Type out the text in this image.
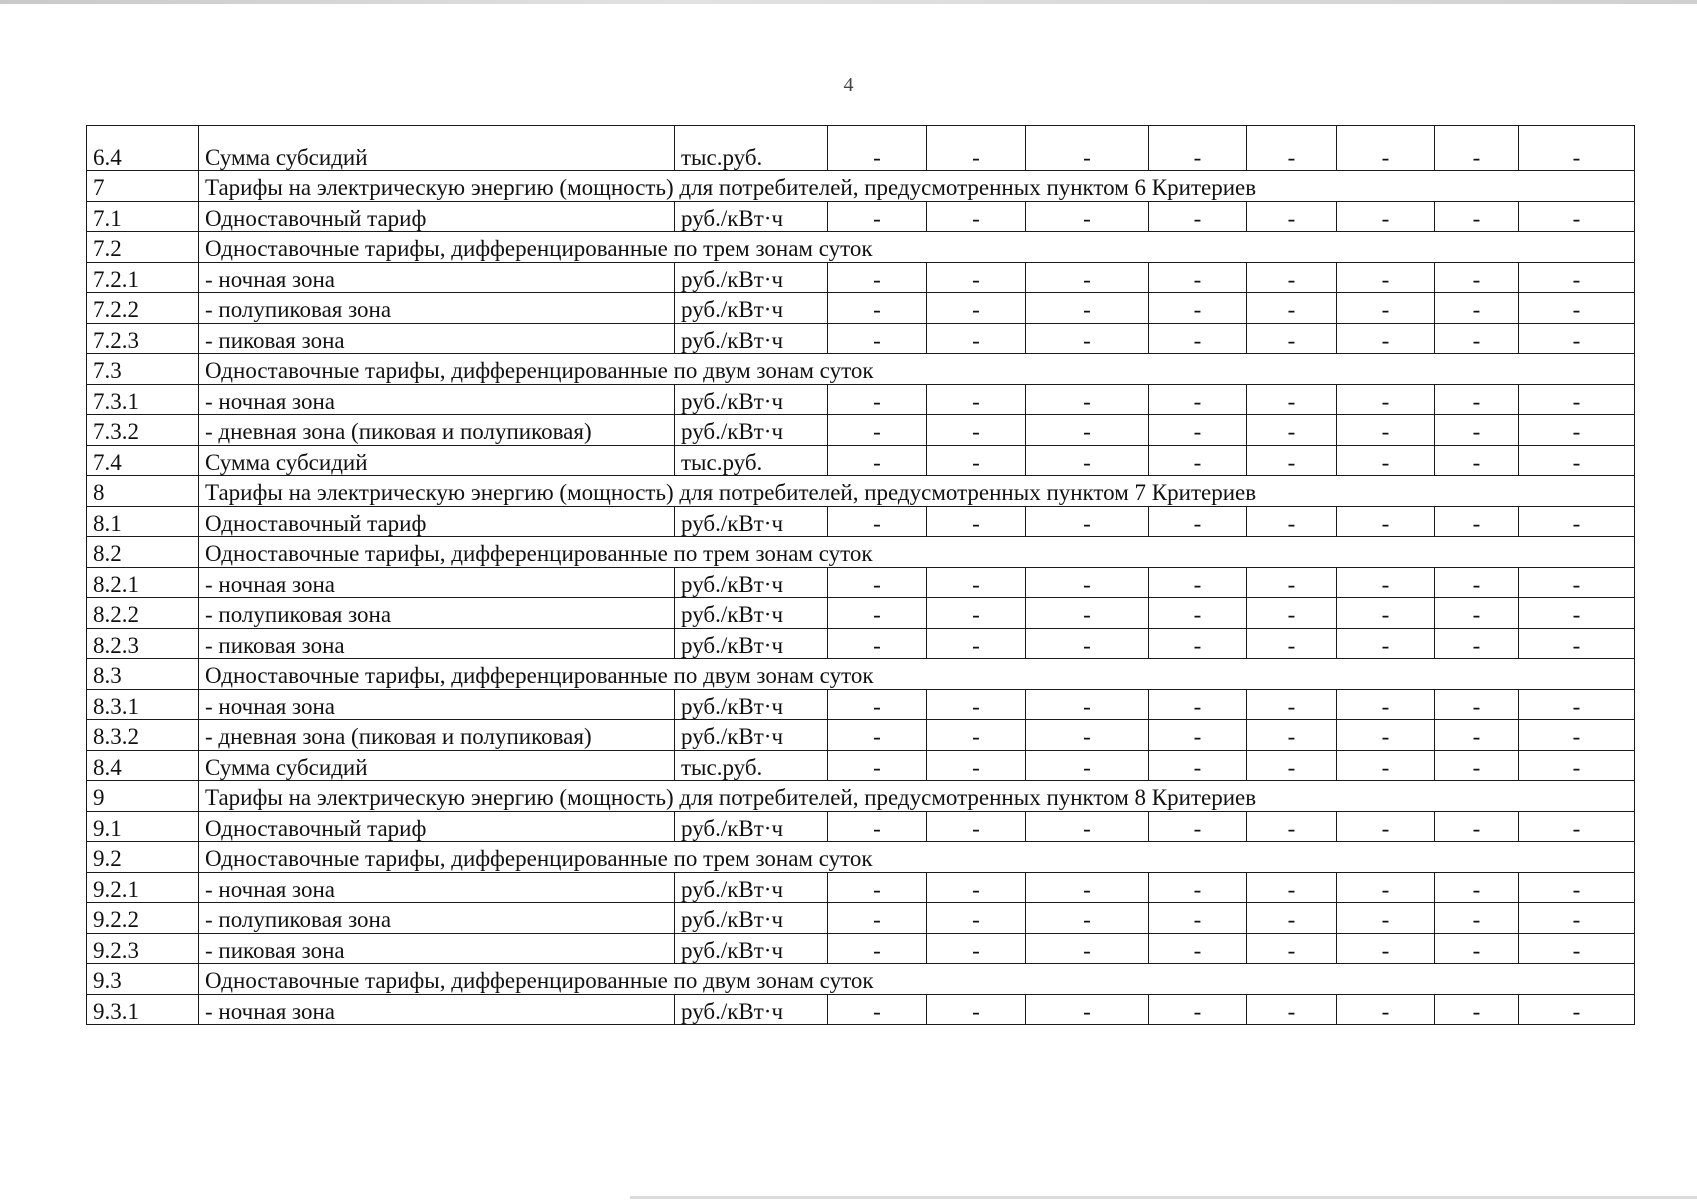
4
6.4	Сумма субсидий	тыс.руб.	-	-	-	-	-	-	-	-
7	Тарифы на электрическую энергию (мощность) для потребителей, предусмотренных пунктом 6 Критериев									
7.1	Одноставочный тариф	руб./кВт·ч	-	-	-	-	-	-	-	-
7.2	Одноставочные тарифы, дифференцированные по трем зонам суток									
7.2.1	- ночная зона	руб./кВт·ч	-	-	-	-	-	-	-	-
7.2.2	- полупиковая зона	руб./кВт·ч	-	-	-	-	-	-	-	-
7.2.3	- пиковая зона	руб./кВт·ч	-	-	-	-	-	-	-	-
7.3	Одноставочные тарифы, дифференцированные по двум зонам суток									
7.3.1	- ночная зона	руб./кВт·ч	-	-	-	-	-	-	-	-
7.3.2	- дневная зона (пиковая и полупиковая)	руб./кВт·ч	-	-	-	-	-	-	-	-
7.4	Сумма субсидий	тыс.руб.	-	-	-	-	-	-	-	-
8	Тарифы на электрическую энергию (мощность) для потребителей, предусмотренных пунктом 7 Критериев									
8.1	Одноставочный тариф	руб./кВт·ч	-	-	-	-	-	-	-	-
8.2	Одноставочные тарифы, дифференцированные по трем зонам суток									
8.2.1	- ночная зона	руб./кВт·ч	-	-	-	-	-	-	-	-
8.2.2	- полупиковая зона	руб./кВт·ч	-	-	-	-	-	-	-	-
8.2.3	- пиковая зона	руб./кВт·ч	-	-	-	-	-	-	-	-
8.3	Одноставочные тарифы, дифференцированные по двум зонам суток									
8.3.1	- ночная зона	руб./кВт·ч	-	-	-	-	-	-	-	-
8.3.2	- дневная зона (пиковая и полупиковая)	руб./кВт·ч	-	-	-	-	-	-	-	-
8.4	Сумма субсидий	тыс.руб.	-	-	-	-	-	-	-	-
9	Тарифы на электрическую энергию (мощность) для потребителей, предусмотренных пунктом 8 Критериев									
9.1	Одноставочный тариф	руб./кВт·ч	-	-	-	-	-	-	-	-
9.2	Одноставочные тарифы, дифференцированные по трем зонам суток									
9.2.1	- ночная зона	руб./кВт·ч	-	-	-	-	-	-	-	-
9.2.2	- полупиковая зона	руб./кВт·ч	-	-	-	-	-	-	-	-
9.2.3	- пиковая зона	руб./кВт·ч	-	-	-	-	-	-	-	-
9.3	Одноставочные тарифы, дифференцированные по двум зонам суток									
9.3.1	- ночная зона	руб./кВт·ч	-	-	-	-	-	-	-	-
